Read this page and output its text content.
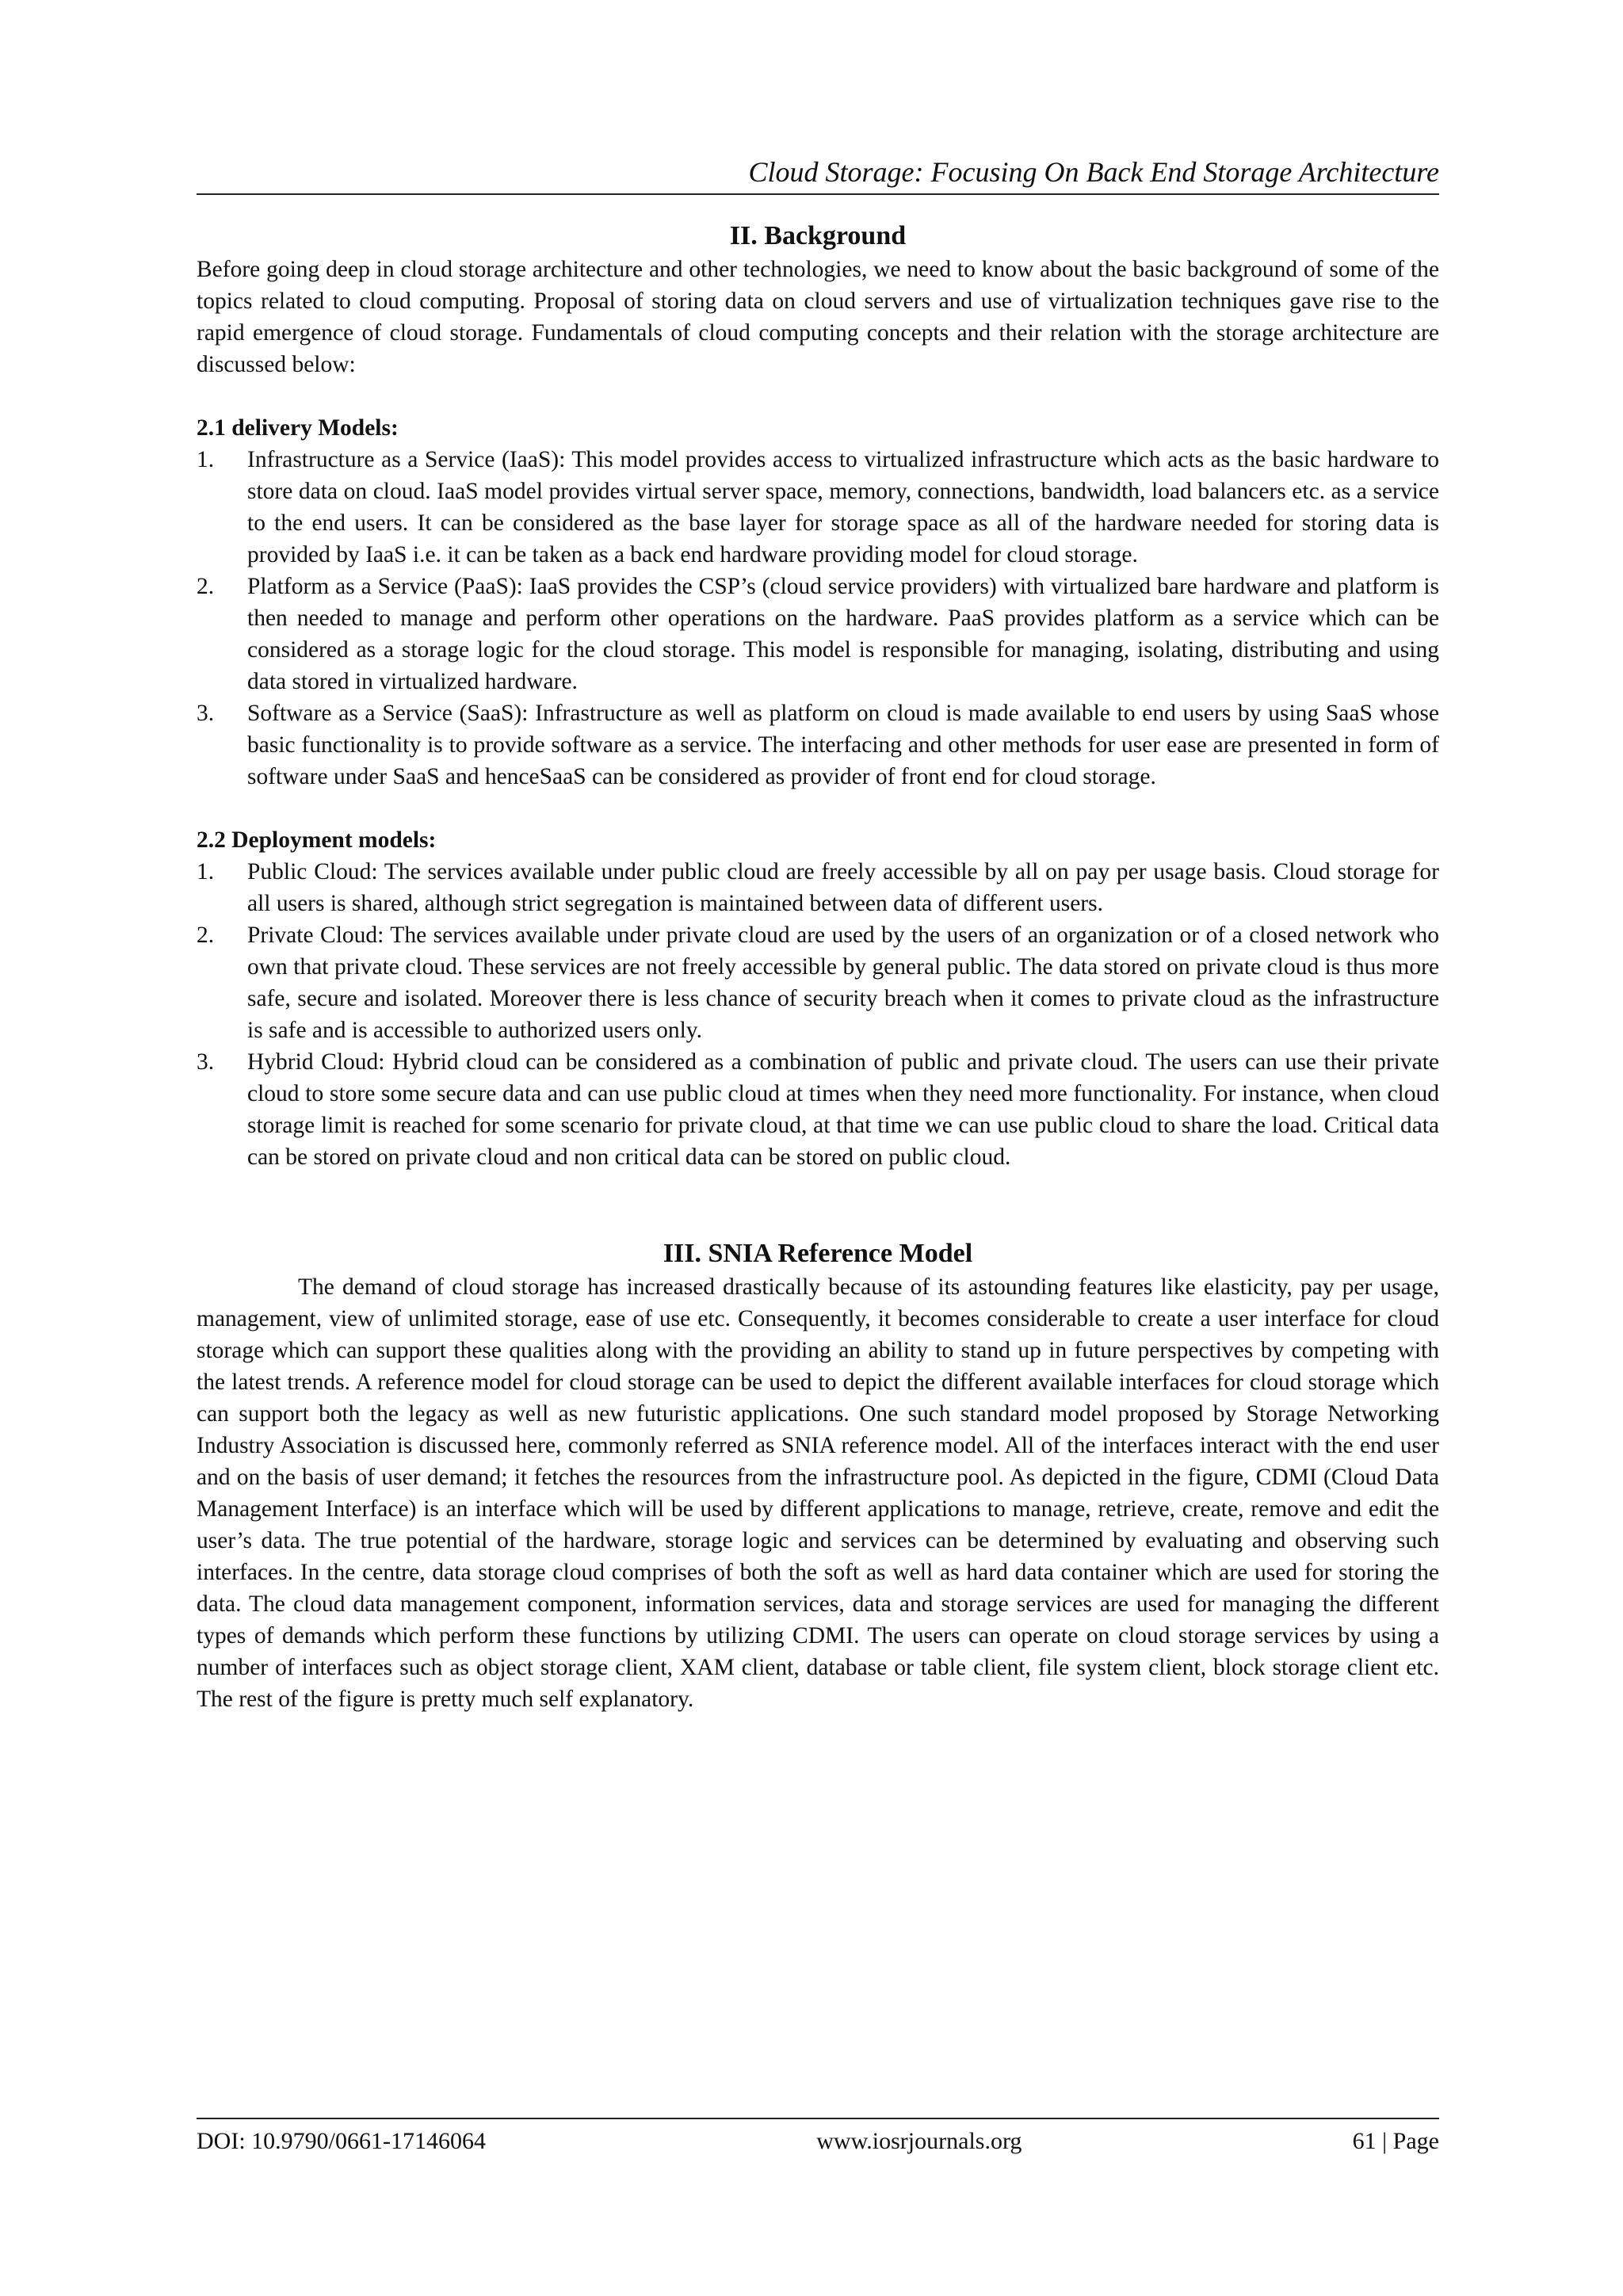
Cloud Storage: Focusing On Back End Storage Architecture
II. Background

Before going deep in cloud storage architecture and other technologies, we need to know about the basic background of some of the topics related to cloud computing. Proposal of storing data on cloud servers and use of virtualization techniques gave rise to the rapid emergence of cloud storage. Fundamentals of cloud computing concepts and their relation with the storage architecture are discussed below:

2.1 delivery Models:

1. Infrastructure as a Service (IaaS): This model provides access to virtualized infrastructure which acts as the basic hardware to store data on cloud. IaaS model provides virtual server space, memory, connections, bandwidth, load balancers etc. as a service to the end users. It can be considered as the base layer for storage space as all of the hardware needed for storing data is provided by IaaS i.e. it can be taken as a back end hardware providing model for cloud storage.
2. Platform as a Service (PaaS): IaaS provides the CSP’s (cloud service providers) with virtualized bare hardware and platform is then needed to manage and perform other operations on the hardware. PaaS provides platform as a service which can be considered as a storage logic for the cloud storage. This model is responsible for managing, isolating, distributing and using data stored in virtualized hardware.
3. Software as a Service (SaaS): Infrastructure as well as platform on cloud is made available to end users by using SaaS whose basic functionality is to provide software as a service. The interfacing and other methods for user ease are presented in form of software under SaaS and henceSaaS can be considered as provider of front end for cloud storage.

2.2 Deployment models:

1. Public Cloud: The services available under public cloud are freely accessible by all on pay per usage basis. Cloud storage for all users is shared, although strict segregation is maintained between data of different users.
2. Private Cloud: The services available under private cloud are used by the users of an organization or of a closed network who own that private cloud. These services are not freely accessible by general public. The data stored on private cloud is thus more safe, secure and isolated. Moreover there is less chance of security breach when it comes to private cloud as the infrastructure is safe and is accessible to authorized users only.
3. Hybrid Cloud: Hybrid cloud can be considered as a combination of public and private cloud. The users can use their private cloud to store some secure data and can use public cloud at times when they need more functionality. For instance, when cloud storage limit is reached for some scenario for private cloud, at that time we can use public cloud to share the load. Critical data can be stored on private cloud and non critical data can be stored on public cloud.
III. SNIA Reference Model

The demand of cloud storage has increased drastically because of its astounding features like elasticity, pay per usage, management, view of unlimited storage, ease of use etc. Consequently, it becomes considerable to create a user interface for cloud storage which can support these qualities along with the providing an ability to stand up in future perspectives by competing with the latest trends. A reference model for cloud storage can be used to depict the different available interfaces for cloud storage which can support both the legacy as well as new futuristic applications. One such standard model proposed by Storage Networking Industry Association is discussed here, commonly referred as SNIA reference model. All of the interfaces interact with the end user and on the basis of user demand; it fetches the resources from the infrastructure pool. As depicted in the figure, CDMI (Cloud Data Management Interface) is an interface which will be used by different applications to manage, retrieve, create, remove and edit the user’s data. The true potential of the hardware, storage logic and services can be determined by evaluating and observing such interfaces. In the centre, data storage cloud comprises of both the soft as well as hard data container which are used for storing the data. The cloud data management component, information services, data and storage services are used for managing the different types of demands which perform these functions by utilizing CDMI. The users can operate on cloud storage services by using a number of interfaces such as object storage client, XAM client, database or table client, file system client, block storage client etc. The rest of the figure is pretty much self explanatory.

DOI: 10.9790/0661-17146064	www.iosrjournals.org	61 | Page
